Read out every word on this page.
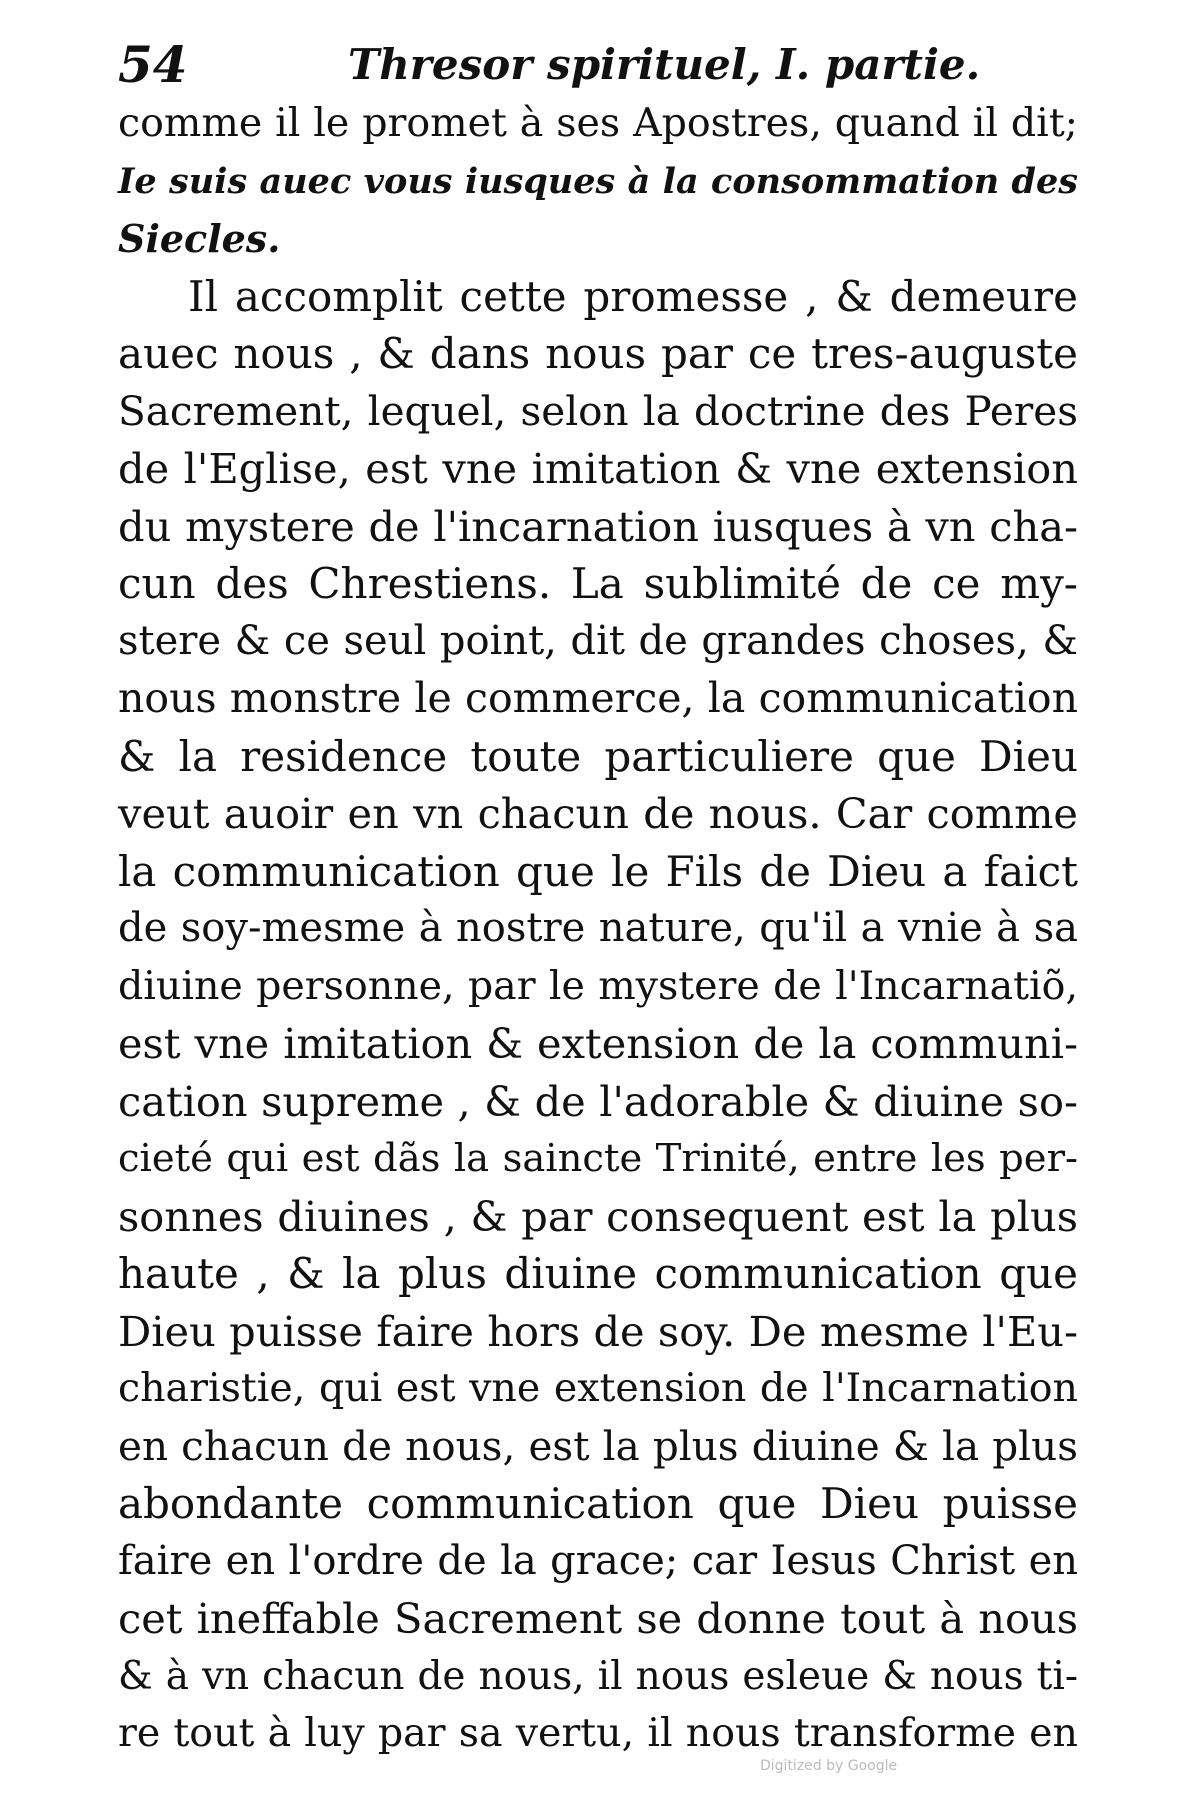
54	Thresor spirituel, I. partie.
comme il le promet à ses Apostres, quand il dit;
Ie suis auec vous iusques à la consommation des
Siecles.
Il accomplit cette promesse , & demeure
auec nous , & dans nous par ce tres-auguste
Sacrement, lequel, selon la doctrine des Peres
de l'Eglise, est vne imitation & vne extension
du mystere de l'incarnation iusques à vn cha-
cun des Chrestiens. La sublimité de ce my-
stere & ce seul point, dit de grandes choses, &
nous monstre le commerce, la communication
& la residence toute particuliere que Dieu
veut auoir en vn chacun de nous. Car comme
la communication que le Fils de Dieu a faict
de soy-mesme à nostre nature, qu'il a vnie à sa
diuine personne, par le mystere de l'Incarnatiõ,
est vne imitation & extension de la communi-
cation supreme , & de l'adorable & diuine so-
cieté qui est dãs la saincte Trinité, entre les per-
sonnes diuines , & par consequent est la plus
haute , & la plus diuine communication que
Dieu puisse faire hors de soy. De mesme l'Eu-
charistie, qui est vne extension de l'Incarnation
en chacun de nous, est la plus diuine & la plus
abondante communication que Dieu puisse
faire en l'ordre de la grace; car Iesus Christ en
cet ineffable Sacrement se donne tout à nous
& à vn chacun de nous, il nous esleue & nous ti-
re tout à luy par sa vertu, il nous transforme en
Digitized by Google
